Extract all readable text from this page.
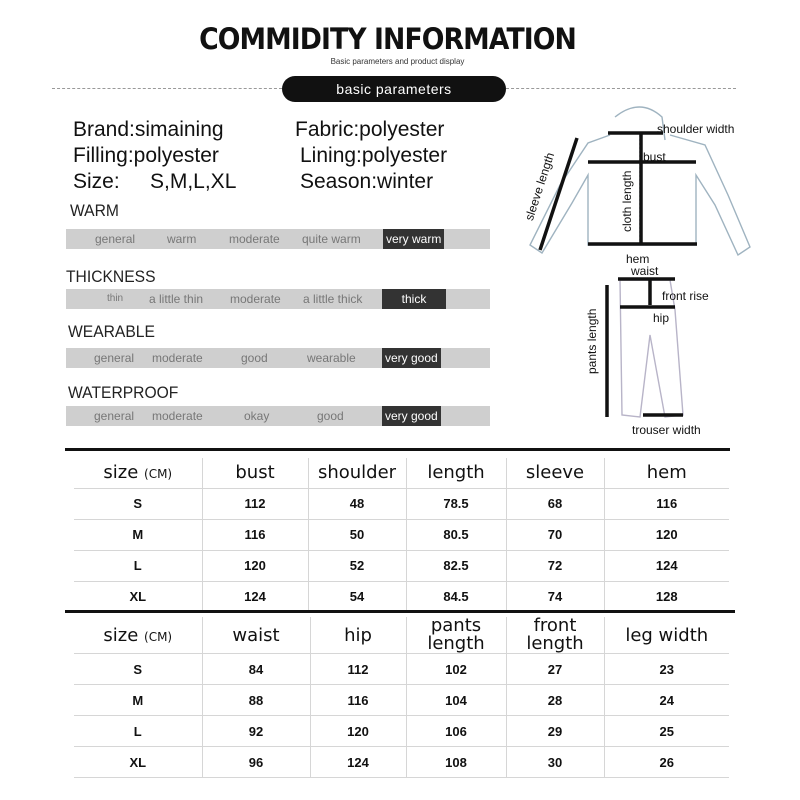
COMMIDITY INFORMATION
Basic parameters and product display
basic parameters
Brand:simaining	Fabric:polyester
Filling:polyester	Lining:polyester
Size: S,M,L,XL	Season:winter
WARM
general	warm	moderate quite warm very warm
THICKNESS
thin a little thin moderate a little thick	thick
WEARABLE
general moderate	good	wearable very good
WATERPROOF
general moderate	okay	good	very good
shoulder width
bust
sleeve length	cloth length
hem
waist
front rise
hip
pants length
trouser width
size (CM)	bust	shoulder	length	sleeve	hem
S	112	48	78.5	68	116
M	116	50	80.5	70	120
L	120	52	82.5	72	124
XL	124	54	84.5	74	128
size (CM)	waist	hip	pants length	front length	leg width
S	84	112	102	27	23
M	88	116	104	28	24
L	92	120	106	29	25
XL	96	124	108	30	26
